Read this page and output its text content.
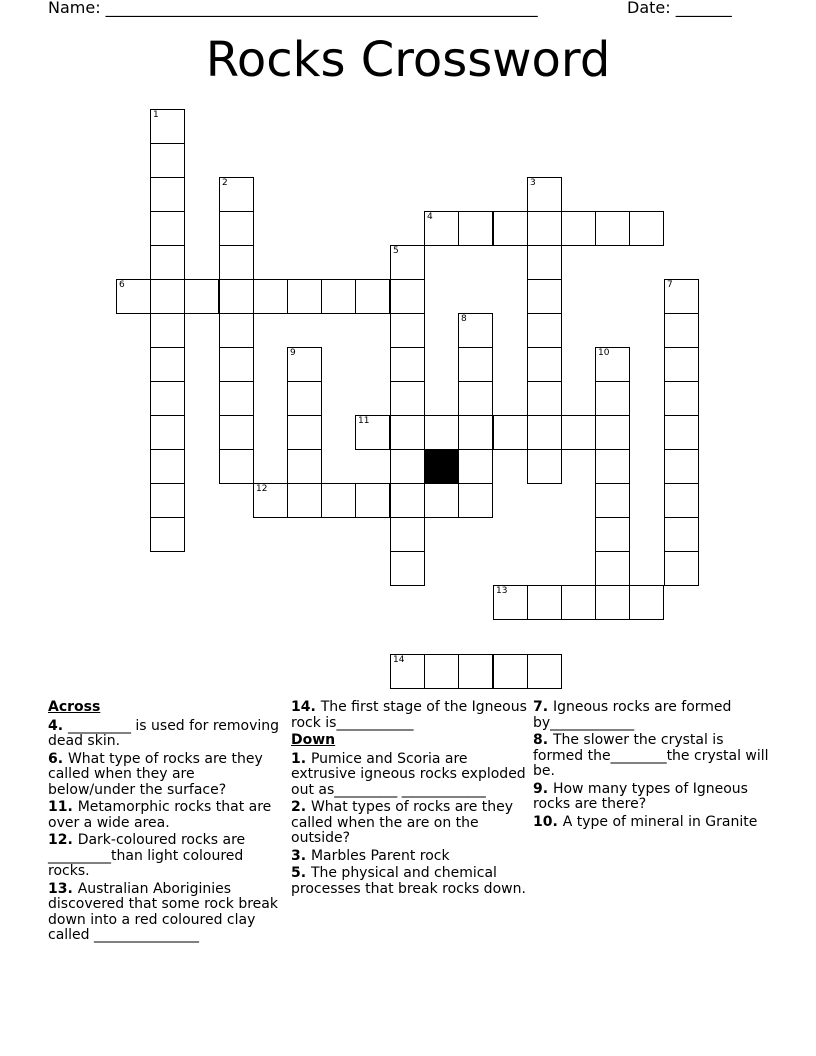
Name: ______________________________________________________	Date: _______
Rocks Crossword
1
2	3
4
5
6	7
8
9	10
11
12
13
14
Across
4. _________ is used for removing dead skin.
6. What type of rocks are they called when they are below/under the surface?
11. Metamorphic rocks that are over a wide area.
12. Dark-coloured rocks are _________than light coloured rocks.
13. Australian Aboriginies discovered that some rock break down into a red coloured clay called _______________
14. The first stage of the Igneous rock is___________
Down
1. Pumice and Scoria are extrusive igneous rocks exploded out as_________ ____________
2. What types of rocks are they called when the are on the outside?
3. Marbles Parent rock
5. The physical and chemical processes that break rocks down.
7. Igneous rocks are formed by____________
8. The slower the crystal is formed the________the crystal will be.
9. How many types of Igneous rocks are there?
10. A type of mineral in Granite
